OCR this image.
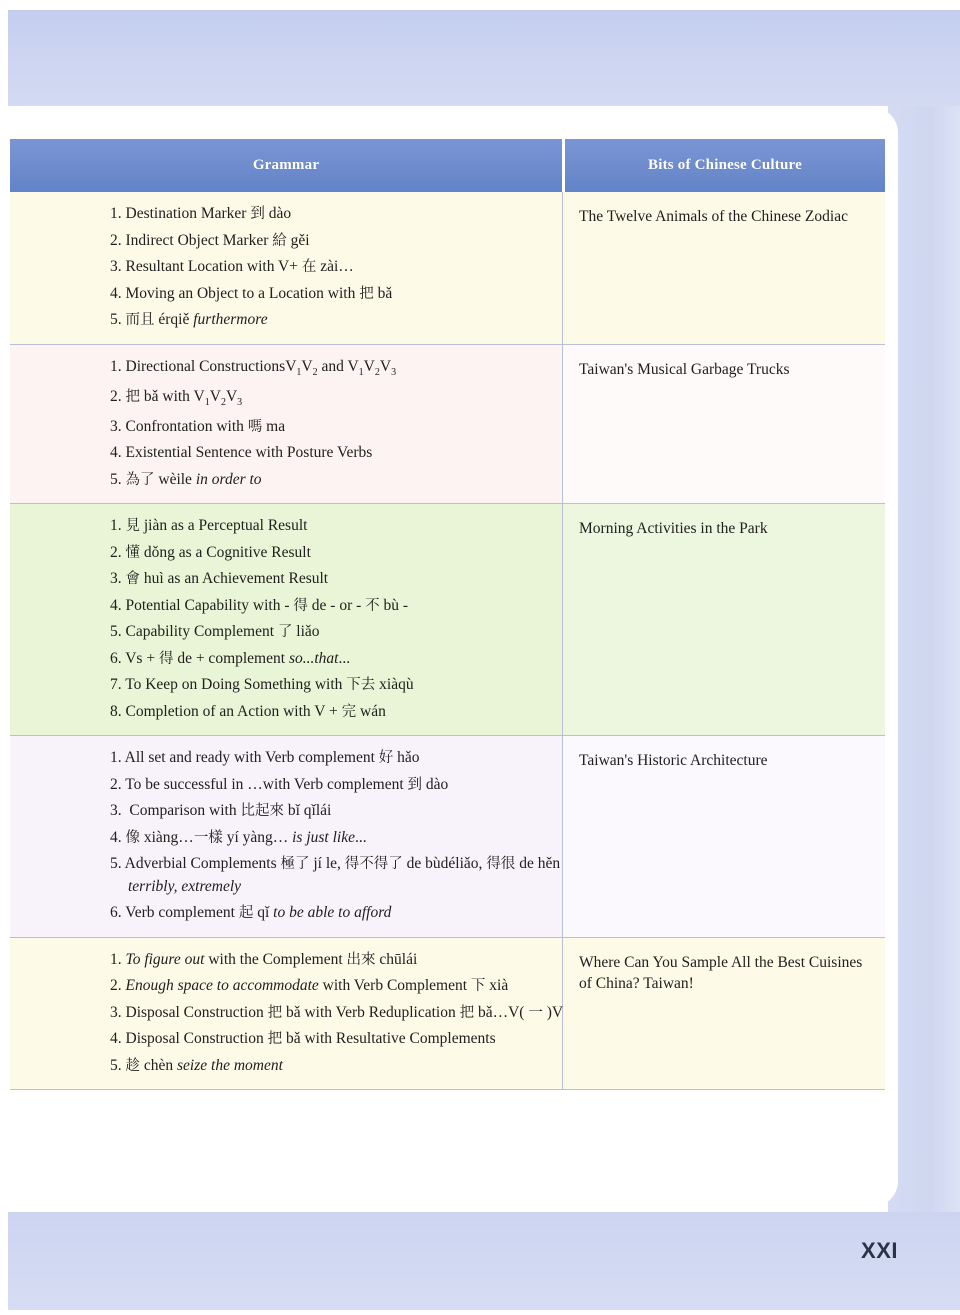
Grammar	Bits of Chinese Culture
1. Destination Marker 到 dào
2. Indirect Object Marker 給 gěi
3. Resultant Location with V+ 在 zài…
4. Moving an Object to a Location with 把 bǎ
5. 而且 érqiě furthermore
The Twelve Animals of the Chinese Zodiac
1. Directional $ConstructionsV_1V_2$ and $V_1V_2V_3$
2. 把 bǎ with $V_1V_2V_3$
3. Confrontation with 嗎 ma
4. Existential Sentence with Posture Verbs
5. 為了 wèile in order to
Taiwan's Musical Garbage Trucks
1. 見 jiàn as a Perceptual Result
2. 懂 dǒng as a Cognitive Result
3. 會 huì as an Achievement Result
4. Potential Capability with - 得 de - or - 不 bù -
5. Capability Complement 了 liǎo
6. Vs + 得 de + complement so...that...
7. To Keep on Doing Something with 下去 xiàqù
8. Completion of an Action with V + 完 wán
Morning Activities in the Park
1. All set and ready with Verb complement 好 hǎo
2. To be successful in …with Verb complement 到 dào
3.  Comparison with 比起來 bǐ qǐlái
4. 像 xiàng…一樣 yí yàng… is just like...
5. Adverbial Complements 極了 jí le, 得不得了 de bùdéliǎo, 得很 de hěn
terribly, extremely
6. Verb complement 起 qǐ to be able to afford
Taiwan's Historic Architecture
1. To figure out with the Complement 出來 chūlái
2. Enough space to accommodate with Verb Complement 下 xià
3. Disposal Construction 把 bǎ with Verb Reduplication 把 bǎ…V( 一 )V
4. Disposal Construction 把 bǎ with Resultative Complements
5. 趁 chèn seize the moment
Where Can You Sample All the Best Cuisines of China? Taiwan!
XXI
